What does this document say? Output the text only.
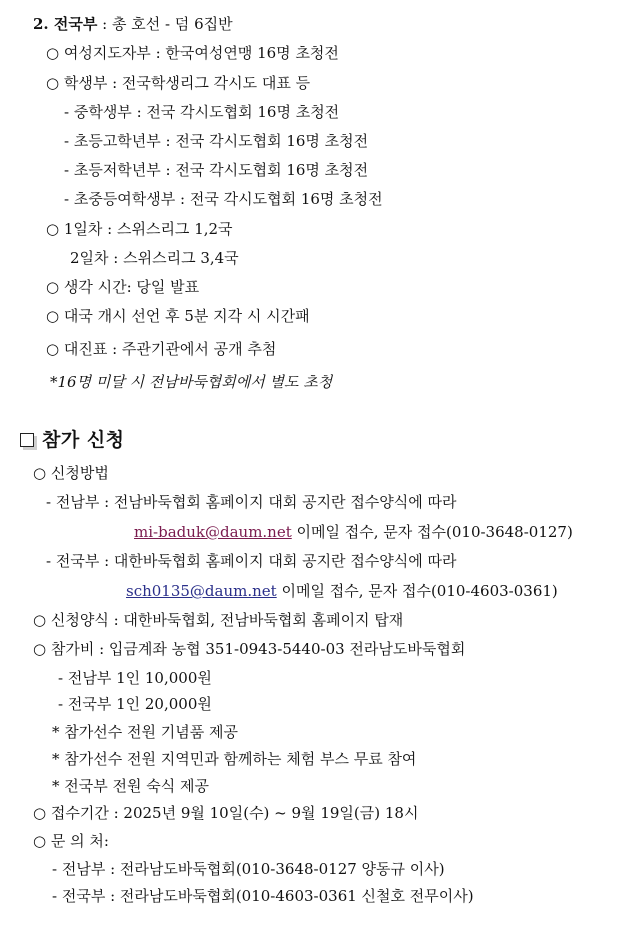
2. 전국부 : 총 호선 - 덤 6집반
○ 여성지도자부 : 한국여성연맹 16명 초청전
○ 학생부 : 전국학생리그 각시도 대표 등
- 중학생부 : 전국 각시도협회 16명 초청전
- 초등고학년부 : 전국 각시도협회 16명 초청전
- 초등저학년부 : 전국 각시도협회 16명 초청전
- 초중등여학생부 : 전국 각시도협회 16명 초청전
○ 1일차 : 스위스리그 1,2국
2일차 : 스위스리그 3,4국
○ 생각 시간: 당일 발표
○ 대국 개시 선언 후 5분 지각 시 시간패
○ 대진표 : 주관기관에서 공개 추첨
*16명 미달 시 전남바둑협회에서 별도 초청
참가 신청
○ 신청방법
- 전남부 : 전남바둑협회 홈페이지 대회 공지란 접수양식에 따라
mi-baduk@daum.net 이메일 접수, 문자 접수(010-3648-0127)
- 전국부 : 대한바둑협회 홈페이지 대회 공지란 접수양식에 따라
sch0135@daum.net 이메일 접수, 문자 접수(010-4603-0361)
○ 신청양식 : 대한바둑협회, 전남바둑협회 홈페이지 탑재
○ 참가비 : 입금계좌 농협 351-0943-5440-03 전라남도바둑협회
- 전남부 1인 10,000원
- 전국부 1인 20,000원
* 참가선수 전원 기념품 제공
* 참가선수 전원 지역민과 함께하는 체험 부스 무료 참여
* 전국부 전원 숙식 제공
○ 접수기간 : 2025년 9월 10일(수) ~ 9월 19일(금) 18시
○ 문 의 처:
- 전남부 : 전라남도바둑협회(010-3648-0127 양동규 이사)
- 전국부 : 전라남도바둑협회(010-4603-0361 신철호 전무이사)
